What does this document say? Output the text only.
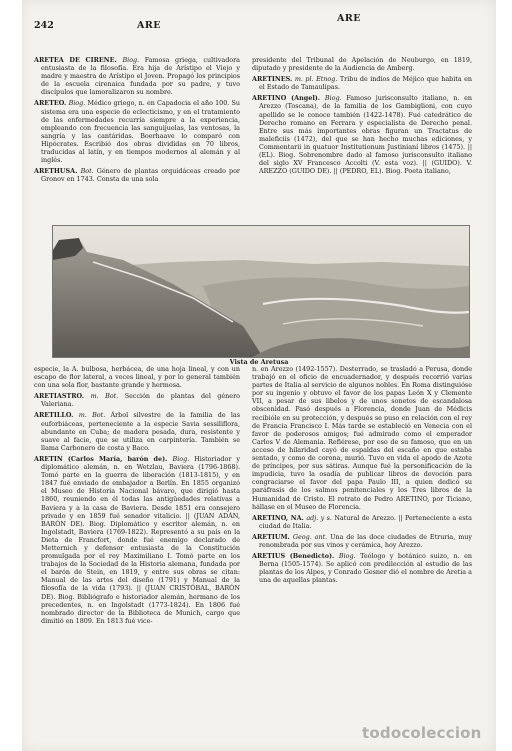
242	ARE
ARE

ARETEA DE CIRENE. Biog. Famosa griega, cultivadora entusiasta de la filosofía. Era hija de Arístipo el Viejo y madre y maestra de Arístipo el Joven. Propagó los principios de la escuela cirenaica fundada por su padre, y tuvo discípulos que lamoralizaron su nombre.

ARETEO. Biog. Médico griego, n. en Capadocia el año 100. Su sistema era una especie de eclecticismo, y en el tratamiento de las enfermedades recurría siempre a la experiencia, empleando con frecuencia las sanguijuelas, las ventosas, la sangría y las cantáridas. Boerhaave lo comparó con Hipócrates. Escribió dos obras divididas en 70 libros, traducidas al latín, y en tiempos modernos al alemán y al inglés.

ARETHUSA. Bot. Género de plantas orquidáceas creado por Gronov en 1743. Consta de una sola

presidente del Tribunal de Apelación de Neuburgo, en 1819, diputado y presidente de la Audiencia de Amberg.

ARETINES. m. pl. Etnog. Tribu de indios de Méjico que habita en el Estado de Tamaulipas.

ARETINO (Angel). Biog. Famoso jurisconsulto italiano, n. en Arezzo (Toscana), de la familia de los Gambiglioni, con cuyo apellido se le conoce también (1422-1478). Fué catedrático de Derecho romano en Ferrara y especialista de Derecho penal. Entre sus más importantes obras figuran un Tractatus de maleficiis (1472), del que se han hecho muchas ediciones, y Commentarii in quatuor Institutionum Justinianí libros (1475). || (EL). Biog. Sobrenombre dado al famoso jurisconsulto italiano del siglo XV Francesco Accolti (V. esta voz). || (GUIDO). V. AREZZO (GUIDO DE). || (PEDRO, EL). Biog. Poeta italiano,

Vista de Aretusa

especie, la A. bulbosa, herbácea, de una hoja lineal, y con un escapo de flor lateral, a veces lineal, y por lo general también con una sola flor, bastante grande y hermosa.

ARETIASTRO. m. Bot. Sección de plantas del género Valeriana.

ARETILLO. m. Bot. Árbol silvestre de la familia de las euforbiáceas, perteneciente a la especie Savia sessiliflora, abundante en Cuba; de madera pesada, dura, resistente y suave al facie, que se utiliza en carpintería. También se llama Carbonero de costa y Baco.

ARETIN (Carlos María, barón de). Biog. Historiador y diplomático alemán, n. en Wetzlau, Baviera (1796-1868). Tomó parte en la guerra de liberación (1813-1815), y en 1847 fué enviado de embajador a Berlín. En 1855 organizó el Museo de Historia Nacional bávaro, que dirigió hasta 1860, reuniendo en él todas las antigüedades relativas a Baviera y a la casa de Baviera. Desde 1851 era consejero privado y en 1859 fué senador vitalicio. || (JUAN ADÁN, BARÓN DE). Biog. Diplomático y escritor alemán, n. en Ingolstadt, Baviera (1769-1822). Representó a su país en la Dieta de Francfort, donde fué enemigo declarado de Metternich y defensor entusiasta de la Constitución promulgada por el rey Maximiliano I. Tomó parte en los trabajos de la Sociedad de la Historia alemana, fundada por el barón de Stein, en 1819, y entre sus obras se citan: Manual de las artes del diseño (1791) y Manual de la filosofía de la vida (1793). || (JUAN CRISTÓBAL, BARÓN DE). Biog. Bibliógrafo e historiador alemán, hermano de los precedentes, n. en Ingolstadt (1773-1824). En 1806 fué nombrado director de la Biblioteca de Munich, cargo que dimitió en 1809. En 1813 fué vice-

n. en Arezzo (1492-1557). Desterrado, se trasladó a Perusa, donde trabajó en el oficio de encuadernador, y después recorrió varias partes de Italia al servicio de algunos nobles. En Roma distinguióse por su ingenio y obtuvo el favor de los papas León X y Clemente VII, a pesar de sus libelos y de unos sonetos de escandalosa obscenidad. Pasó después a Florencia, donde Juan de Médicis recibióle en su protección, y después se puso en relación con el rey de Francia Francisco I. Más tarde se estableció en Venecia con el favor de poderosos amigos; fué admirado como el emperador Carlos V de Alemania. Refiérese, por eso de su famoso, que en un acceso de hilaridad cayó de espaldas del escaño en que estaba sentado, y como de corona, murió. Tuvo en vida el apodo de Azote de príncipes, por sus sátiras. Aunque fué la personificación de la impudicia, tuvo la osadía de publicar libros de devoción para congraciarse el favor del papa Paulo III, a quien dedicó su paráfrasis de los salmos penitenciales y los Tres libros de la Humanidad de Cristo. El retrato de Pedro ARETINO, por Ticiano, hállase en el Museo de Florencia.

ARETINO, NA. adj. y s. Natural de Arezzo. || Perteneciente a esta ciudad de Italia.

ARETIUM. Geog. ant. Una de las doce ciudades de Etruria, muy renombrada por sus vinos y cerámica, hoy Arezzo.

ARETIUS (Benedicto). Biog. Teólogo y botánico suizo, n. en Berna (1505-1574). Se aplicó con predilección al estudio de las plantas de los Alpes, y Conrado Gesner dió el nombre de Aretia a una de aquellas plantas.

todocoleccion
